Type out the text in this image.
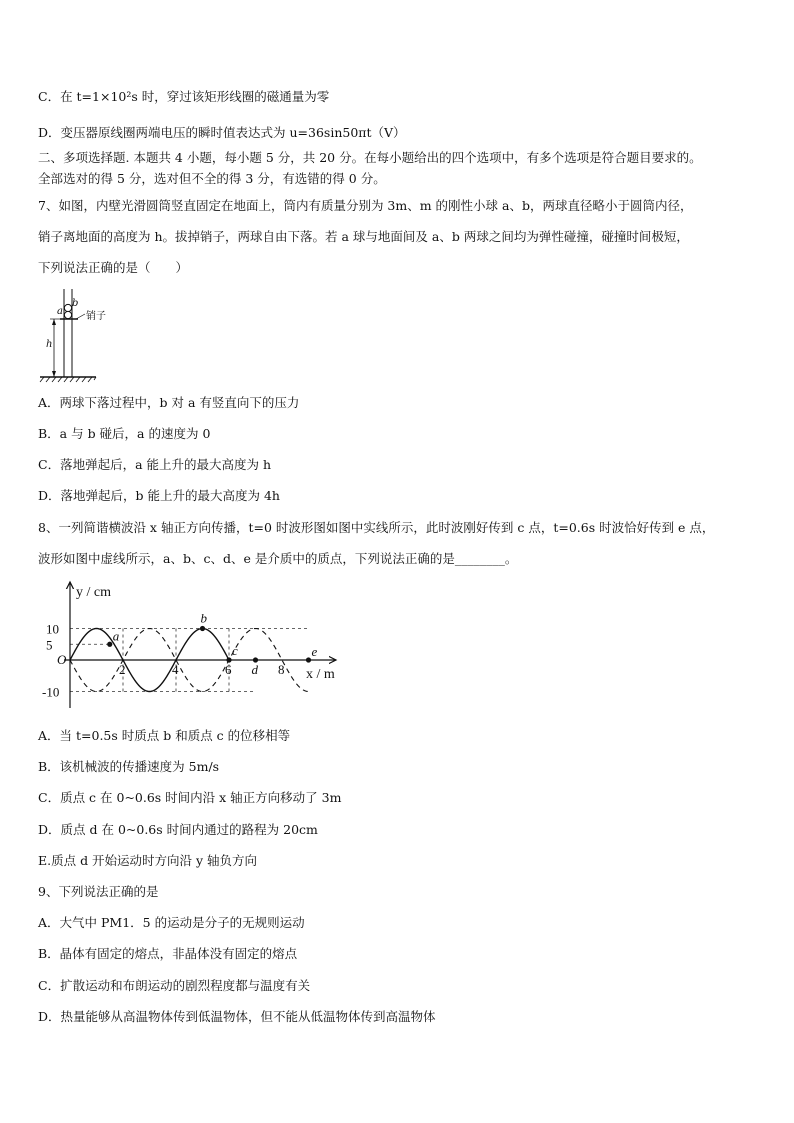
C．在 t=1×10²s 时，穿过该矩形线圈的磁通量为零
D．变压器原线圈两端电压的瞬时值表达式为 u=36sin50πt（V）
二、多项选择题. 本题共 4 小题，每小题 5 分，共 20 分。在每小题给出的四个选项中，有多个选项是符合题目要求的。
全部选对的得 5 分，选对但不全的得 3 分，有选错的得 0 分。
7、如图，内壁光滑圆筒竖直固定在地面上，筒内有质量分别为 3m、m 的刚性小球 a、b，两球直径略小于圆筒内径，
销子离地面的高度为 h。拔掉销子，两球自由下落。若 a 球与地面间及 a、b 两球之间均为弹性碰撞，碰撞时间极短，
下列说法正确的是（　　）
b
a 销子
h
A．两球下落过程中，b 对 a 有竖直向下的压力
B．a 与 b 碰后，a 的速度为 0
C．落地弹起后，a 能上升的最大高度为 h
D．落地弹起后，b 能上升的最大高度为 4h
8、一列简谐横波沿 x 轴正方向传播，t=0 时波形图如图中实线所示，此时波刚好传到 c 点，t=0.6s 时波恰好传到 e 点，
波形如图中虚线所示，a、b、c、d、e 是介质中的质点，下列说法正确的是________。
a
b
c
d
e
2	4	6	8
10
5
-10
O
y / cm
x / m
A．当 t=0.5s 时质点 b 和质点 c 的位移相等
B．该机械波的传播速度为 5m/s
C．质点 c 在 0~0.6s 时间内沿 x 轴正方向移动了 3m
D．质点 d 在 0~0.6s 时间内通过的路程为 20cm
E.质点 d 开始运动时方向沿 y 轴负方向
9、下列说法正确的是
A．大气中 PM1．5 的运动是分子的无规则运动
B．晶体有固定的熔点，非晶体没有固定的熔点
C．扩散运动和布朗运动的剧烈程度都与温度有关
D．热量能够从高温物体传到低温物体，但不能从低温物体传到高温物体
